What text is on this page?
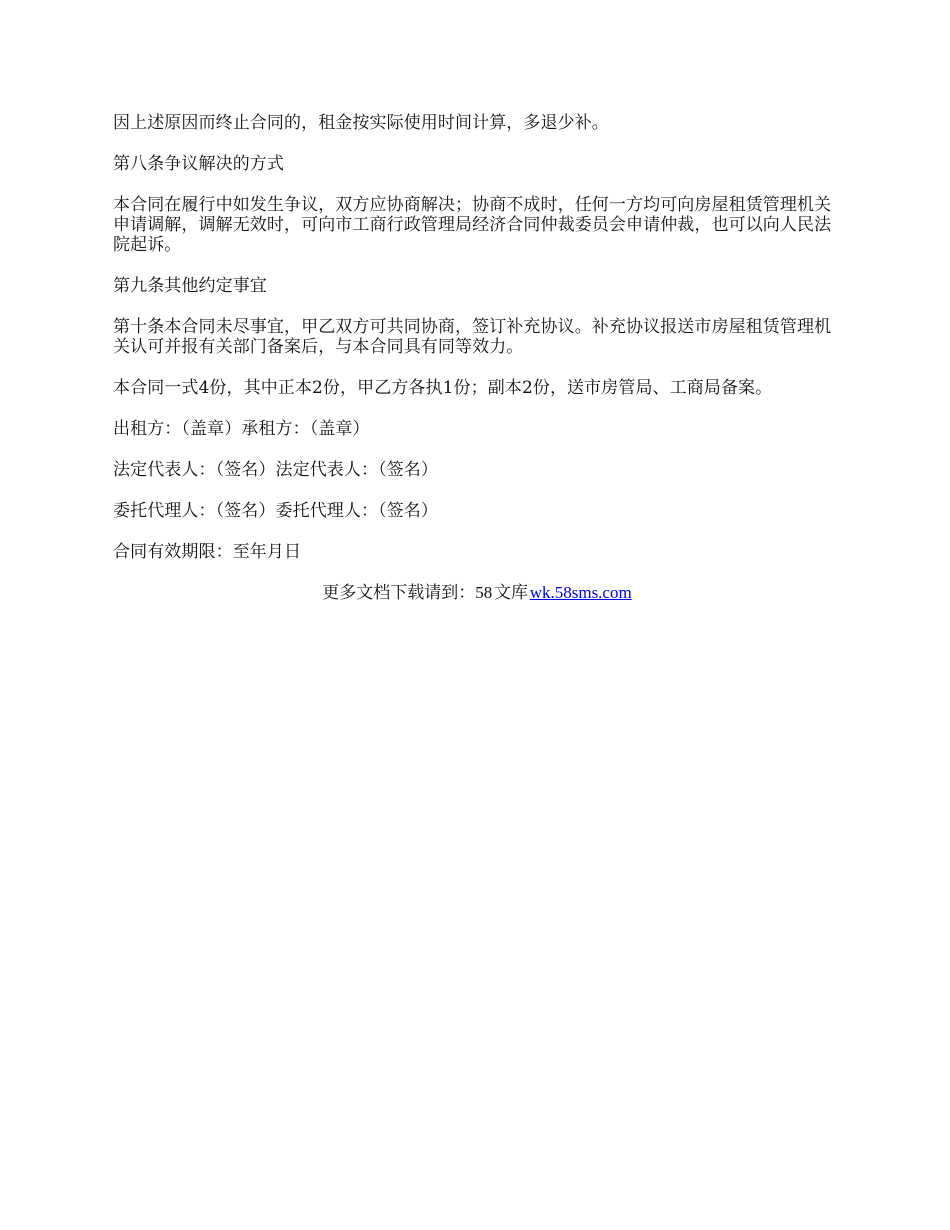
因上述原因而终止合同的，租金按实际使用时间计算，多退少补。

第八条争议解决的方式

本合同在履行中如发生争议，双方应协商解决；协商不成时，任何一方均可向房屋租赁管理机关申请调解，调解无效时，可向市工商行政管理局经济合同仲裁委员会申请仲裁，也可以向人民法院起诉。

第九条其他约定事宜

第十条本合同未尽事宜，甲乙双方可共同协商，签订补充协议。补充协议报送市房屋租赁管理机关认可并报有关部门备案后，与本合同具有同等效力。

本合同一式4份，其中正本2份，甲乙方各执1份；副本2份，送市房管局、工商局备案。

出租方：（盖章）承租方：（盖章）

法定代表人：（签名）法定代表人：（签名）

委托代理人：（签名）委托代理人：（签名）

合同有效期限：至年月日

更多文档下载请到：58  文库  wk.58sms.com
